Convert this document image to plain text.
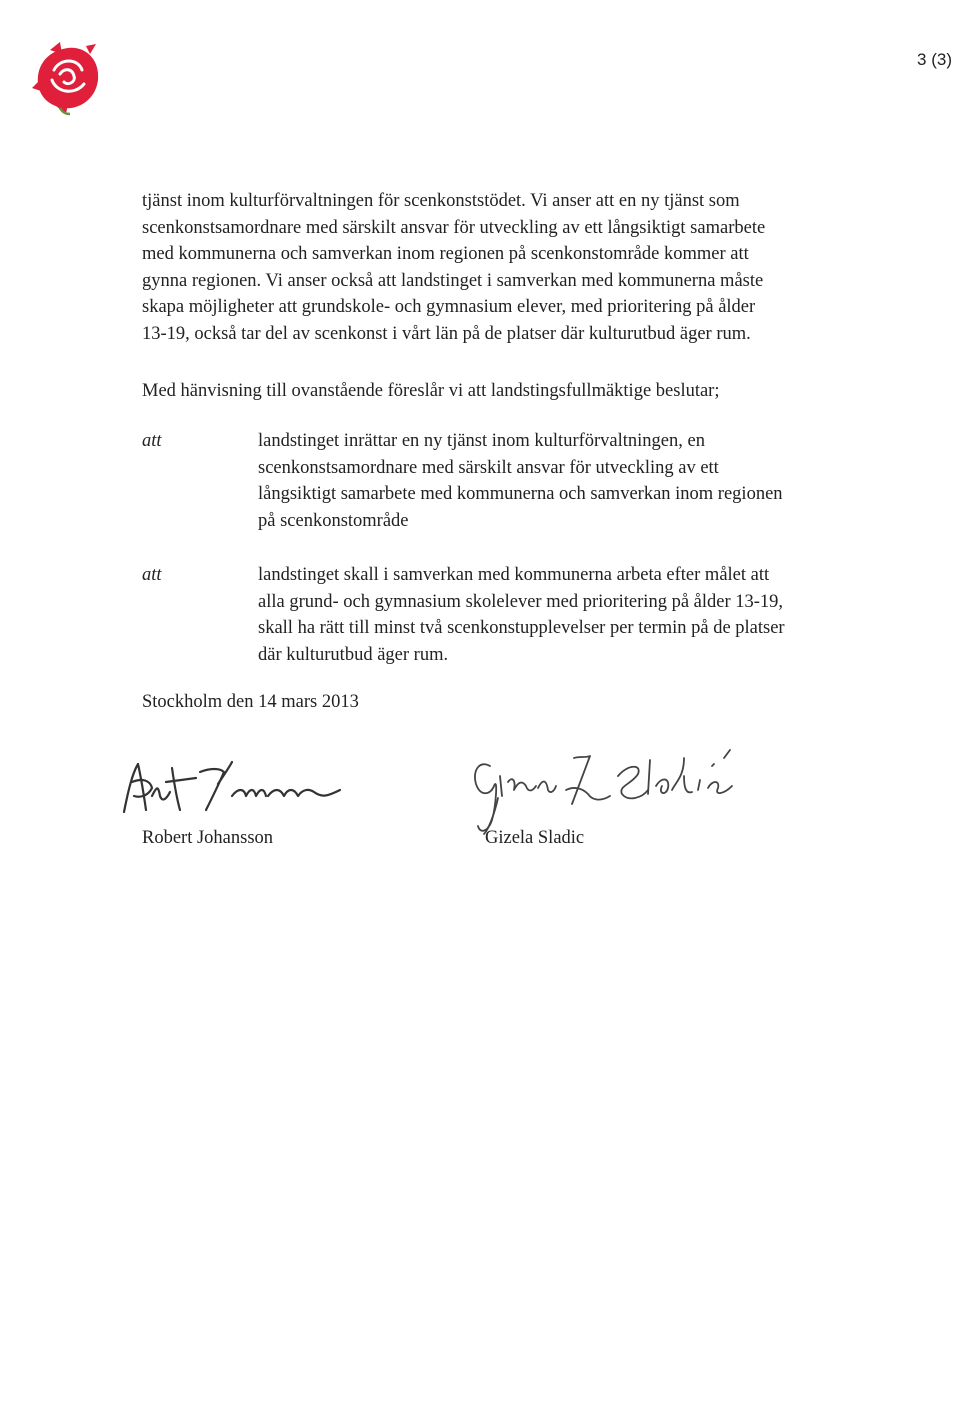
3 (3)
tjänst inom kulturförvaltningen för scenkonststödet. Vi anser att en ny tjänst som
scenkonstsamordnare med särskilt ansvar för utveckling av ett långsiktigt samarbete
med kommunerna och samverkan inom regionen på scenkonstområde kommer att
gynna regionen. Vi anser också att landstinget i samverkan med kommunerna måste
skapa möjligheter att grundskole- och gymnasium elever, med prioritering på ålder
13-19, också tar del av scenkonst i vårt län på de platser där kulturutbud äger rum.
Med hänvisning till ovanstående föreslår vi att landstingsfullmäktige beslutar;
att	landstinget inrättar en ny tjänst inom kulturförvaltningen, en
scenkonstsamordnare med särskilt ansvar för utveckling av ett
långsiktigt samarbete med kommunerna och samverkan inom regionen
på scenkonstområde
att	landstinget skall i samverkan med kommunerna arbeta efter målet att
alla grund- och gymnasium skolelever med prioritering på ålder 13-19,
skall ha rätt till minst två scenkonstupplevelser per termin på de platser
där kulturutbud äger rum.
Stockholm den 14 mars 2013
Robert Johansson	Gizela Sladic
